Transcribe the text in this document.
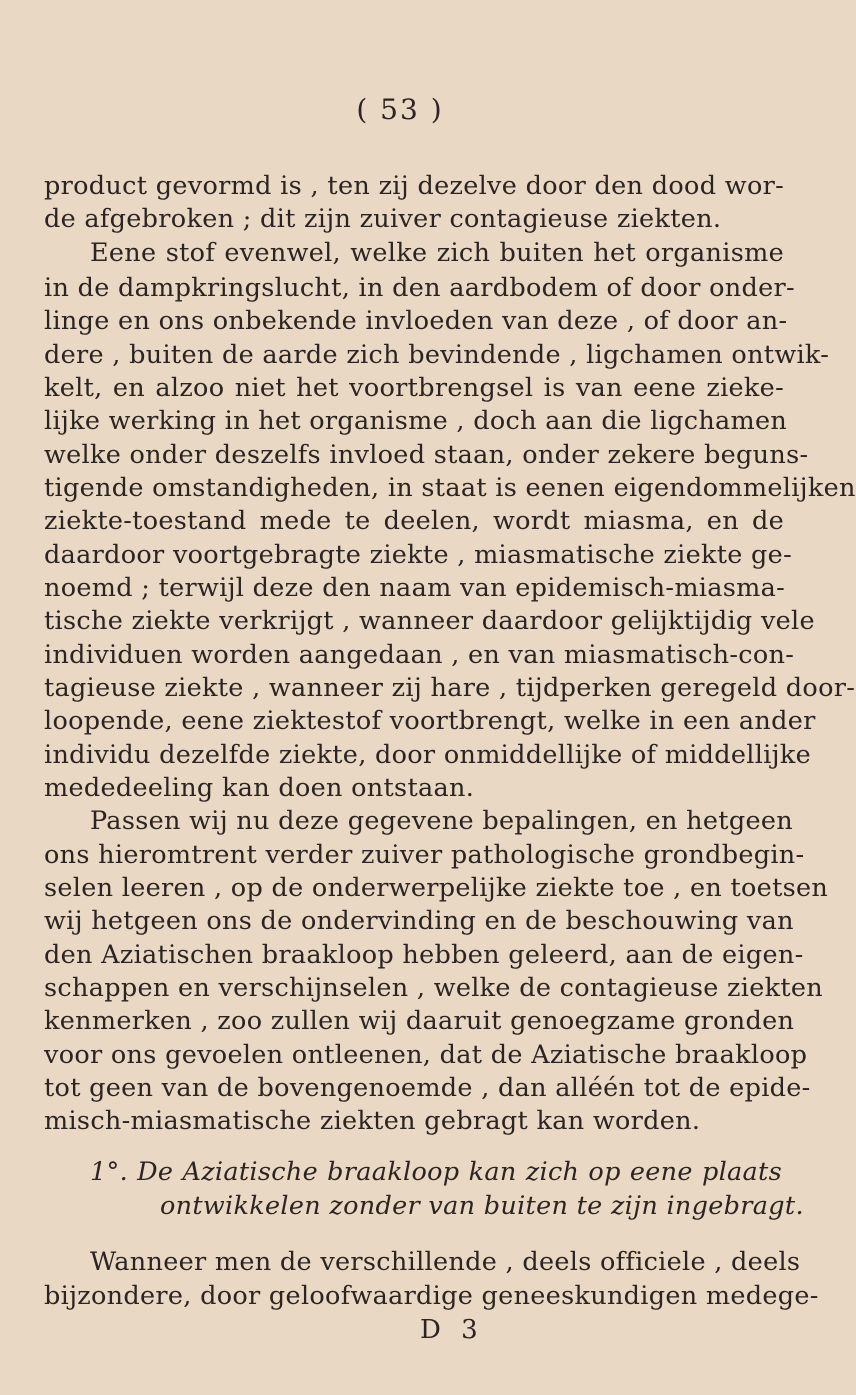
( 53 )
product gevormd is , ten zij dezelve door den dood wor-
de afgebroken ; dit zijn zuiver contagieuse ziekten.
Eene stof evenwel, welke zich buiten het organisme
in de dampkringslucht, in den aardbodem of door onder-
linge en ons onbekende invloeden van deze , of door an-
dere , buiten de aarde zich bevindende , ligchamen ontwik-
kelt, en alzoo niet het voortbrengsel is van eene zieke-
lijke werking in het organisme , doch aan die ligchamen
welke onder deszelfs invloed staan, onder zekere beguns-
tigende omstandigheden, in staat is eenen eigendommelijken
ziekte-toestand mede te deelen, wordt miasma, en de
daardoor voortgebragte ziekte , miasmatische ziekte ge-
noemd ; terwijl deze den naam van epidemisch-miasma-
tische ziekte verkrijgt , wanneer daardoor gelijktijdig vele
individuen worden aangedaan , en van miasmatisch-con-
tagieuse ziekte , wanneer zij hare , tijdperken geregeld door-
loopende, eene ziektestof voortbrengt, welke in een ander
individu dezelfde ziekte, door onmiddellijke of middellijke
mededeeling kan doen ontstaan.
Passen wij nu deze gegevene bepalingen, en hetgeen
ons hieromtrent verder zuiver pathologische grondbegin-
selen leeren , op de onderwerpelijke ziekte toe , en toetsen
wij hetgeen ons de ondervinding en de beschouwing van
den Aziatischen braakloop hebben geleerd, aan de eigen-
schappen en verschijnselen , welke de contagieuse ziekten
kenmerken , zoo zullen wij daaruit genoegzame gronden
voor ons gevoelen ontleenen, dat de Aziatische braakloop
tot geen van de bovengenoemde , dan alléén tot de epide-
misch-miasmatische ziekten gebragt kan worden.
1°. De Aziatische braakloop kan zich op eene plaats
ontwikkelen zonder van buiten te zijn ingebragt.
Wanneer men de verschillende , deels officiele , deels
bijzondere, door geloofwaardige geneeskundigen medege-
D 3
